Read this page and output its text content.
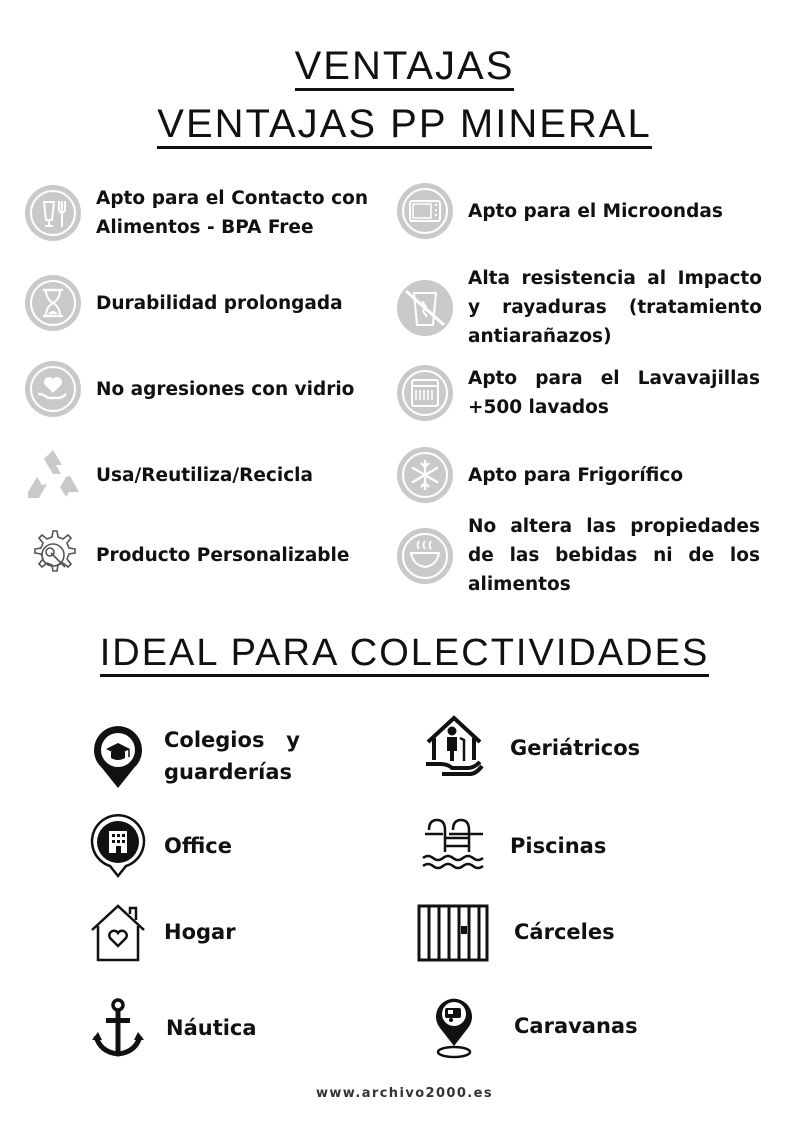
VENTAJAS
VENTAJAS PP MINERAL
Apto para el Contacto con Alimentos - BPA Free
Durabilidad prolongada
No agresiones con vidrio
Usa/Reutiliza/Recicla
Producto Personalizable
Apto para el Microondas
Alta resistencia al Impacto y rayaduras (tratamiento antiarañazos)
Apto para el Lavavajillas +500 lavados
Apto para Frigorífico
No altera las propiedades de las bebidas ni de los alimentos
IDEAL PARA COLECTIVIDADES
Colegios y guarderías
Office
Hogar
Náutica
Geriátricos
Piscinas
Cárceles
Caravanas
www.archivo2000.es
